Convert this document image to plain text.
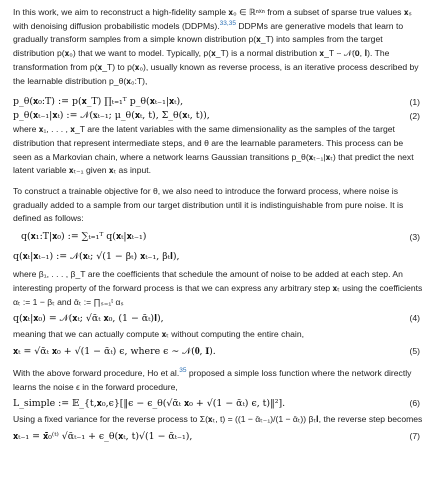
In this work, we aim to reconstruct a high-fidelity sample 𝐱₀ ∈ ℝⁿˣⁿ from a subset of sparse true values 𝐱ₛ with denoising diffusion probabilistic models (DDPMs).$^{33,35}$ DDPMs are generative models that learn to gradually transform samples from a simple known distribution p(𝐱_T) into samples from the target distribution p(𝐱₀) that we want to model. Typically, p(𝐱_T) is a normal distribution 𝐱_T ∼ 𝒩(𝟎, 𝐈). The transformation from p(𝐱_T) to p(𝐱₀), usually known as reverse process, is an iterative process described by the learnable distribution p_θ(𝐱₀:T),

p_θ(𝐱₀:T) := p(𝐱_T) ∏ₜ₌₁ᵀ p_θ(𝐱ₜ₋₁|𝐱ₜ),	(1)
p_θ(𝐱ₜ₋₁|𝐱ₜ) := 𝒩(𝐱ₜ₋₁; μ_θ(𝐱ₜ, t), Σ_θ(𝐱ₜ, t)),	(2)

where 𝐱₁, . . . , 𝐱_T are the latent variables with the same dimensionality as the samples of the target distribution that represent intermediate steps, and θ are the learnable parameters. This process can be seen as a Markovian chain, where a network learns Gaussian transitions p_θ(𝐱ₜ₋₁|𝐱ₜ) that predict the next latent variable 𝐱ₜ₋₁ given 𝐱ₜ as input.

To construct a trainable objective for θ, we also need to introduce the forward process, where noise is gradually added to a sample from our target distribution until it is indistinguishable from pure noise. It is defined as follows:

q(𝐱₁:T|𝐱₀) := ∑ₜ₌₁ᵀ q(𝐱ₜ|𝐱ₜ₋₁)	(3)
q(𝐱ₜ|𝐱ₜ₋₁) := 𝒩(𝐱ₜ; √(1 − βₜ) 𝐱ₜ₋₁, βₜ𝐈),

where β₁, . . . , β_T are the coefficients that schedule the amount of noise to be added at each step. An interesting property of the forward process is that we can express any arbitrary step 𝐱ₜ using the coefficients αₜ := 1 − βₜ and ᾱₜ := ∏ₛ₌₁ᵗ αₛ

q(𝐱ₜ|𝐱₀) = 𝒩(𝐱ₜ; √ᾱₜ 𝐱₀, (1 − ᾱₜ)𝐈),	(4)

meaning that we can actually compute 𝐱ₜ without computing the entire chain,

𝐱ₜ = √ᾱₜ 𝐱₀ + √(1 − ᾱₜ) ϵ, where ϵ ∼ 𝒩(𝟎, 𝐈).	(5)

With the above forward procedure, Ho et al.$^{35}$ proposed a simple loss function where the network directly learns the noise ϵ in the forward procedure,

L_simple := 𝔼_{t,𝐱₀,ϵ}[‖ϵ − ϵ_θ(√ᾱₜ 𝐱₀ + √(1 − ᾱₜ) ϵ, t)‖²].	(6)

Using a fixed variance for the reverse process to Σ(𝐱ₜ, t) = ((1 − ᾱₜ₋₁)/(1 − ᾱₜ)) βₜ𝐈, the reverse step becomes

𝐱ₜ₋₁ = 𝐱̄₀⁽ᵗ⁾ √ᾱₜ₋₁ + ϵ_θ(𝐱ₜ, t)√(1 − ᾱₜ₋₁),	(7)
